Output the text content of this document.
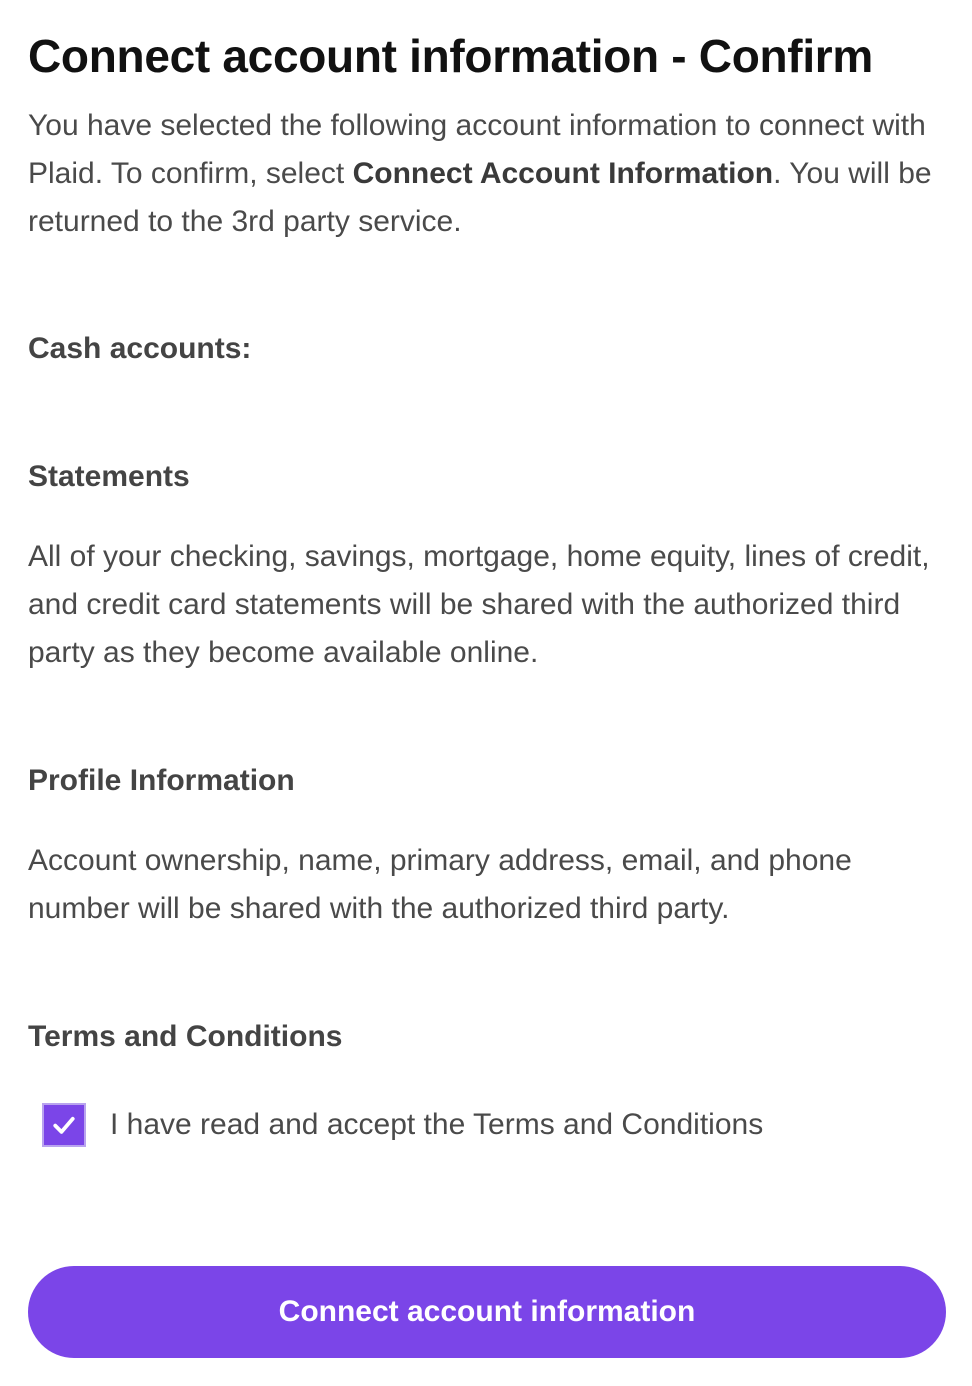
Connect account information - Confirm

You have selected the following account information to connect with Plaid. To confirm, select Connect Account Information. You will be returned to the 3rd party service.

Cash accounts:
Statements

All of your checking, savings, mortgage, home equity, lines of credit, and credit card statements will be shared with the authorized third party as they become available online.

Profile Information

Account ownership, name, primary address, email, and phone number will be shared with the authorized third party.

Terms and Conditions
I have read and accept the Terms and Conditions
Connect account information
